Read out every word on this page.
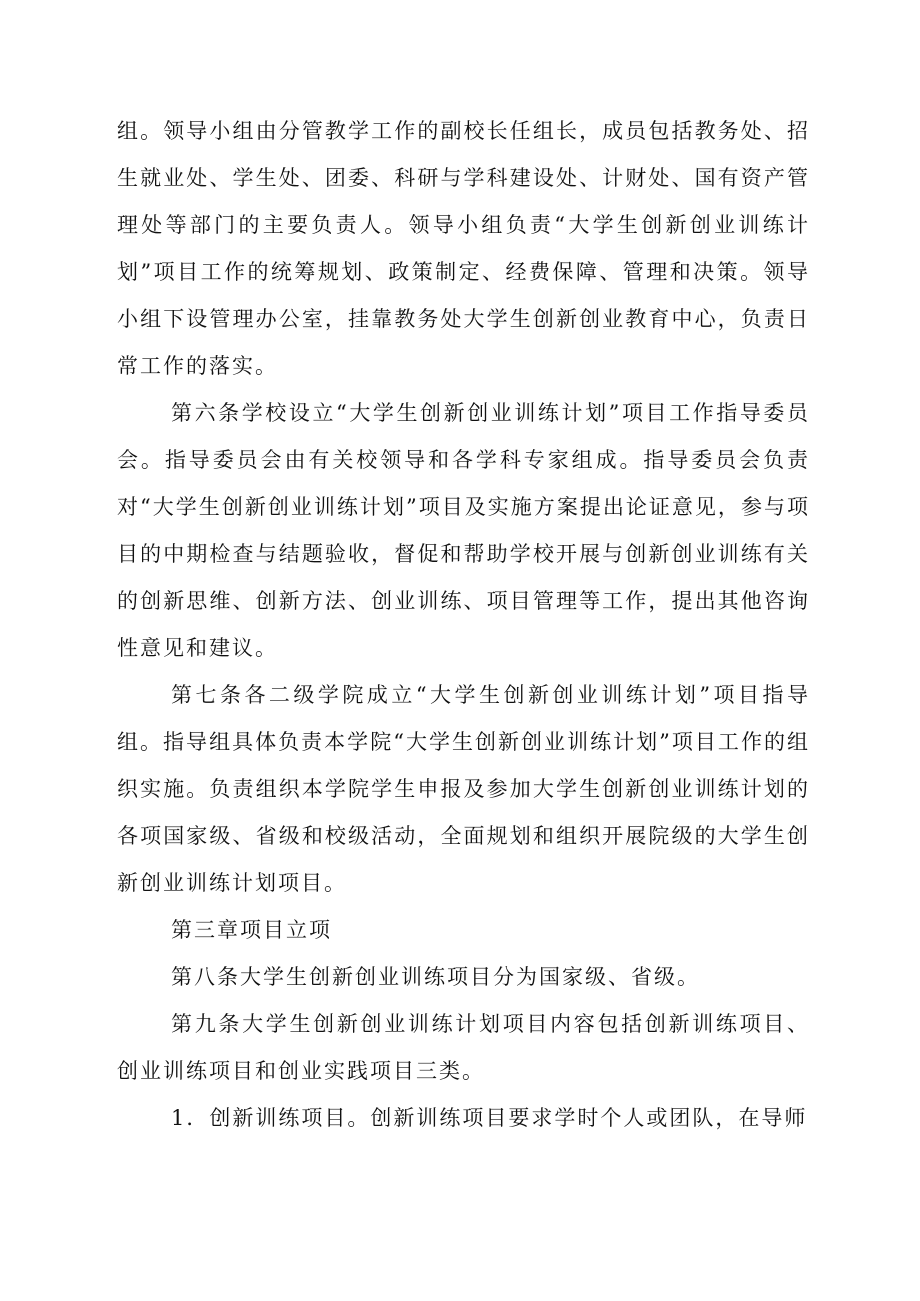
组。领导小组由分管教学工作的副校长任组长，成员包括教务处、招生就业处、学生处、团委、科研与学科建设处、计财处、国有资产管理处等部门的主要负责人。领导小组负责“大学生创新创业训练计划”项目工作的统筹规划、政策制定、经费保障、管理和决策。领导小组下设管理办公室，挂靠教务处大学生创新创业教育中心，负责日常工作的落实。

第六条学校设立“大学生创新创业训练计划”项目工作指导委员会。指导委员会由有关校领导和各学科专家组成。指导委员会负责对“大学生创新创业训练计划”项目及实施方案提出论证意见，参与项目的中期检查与结题验收，督促和帮助学校开展与创新创业训练有关的创新思维、创新方法、创业训练、项目管理等工作，提出其他咨询性意见和建议。

第七条各二级学院成立“大学生创新创业训练计划”项目指导组。指导组具体负责本学院“大学生创新创业训练计划”项目工作的组织实施。负责组织本学院学生申报及参加大学生创新创业训练计划的各项国家级、省级和校级活动，全面规划和组织开展院级的大学生创新创业训练计划项目。

第三章项目立项

第八条大学生创新创业训练项目分为国家级、省级。

第九条大学生创新创业训练计划项目内容包括创新训练项目、创业训练项目和创业实践项目三类。

1．创新训练项目。创新训练项目要求学时个人或团队，在导师
